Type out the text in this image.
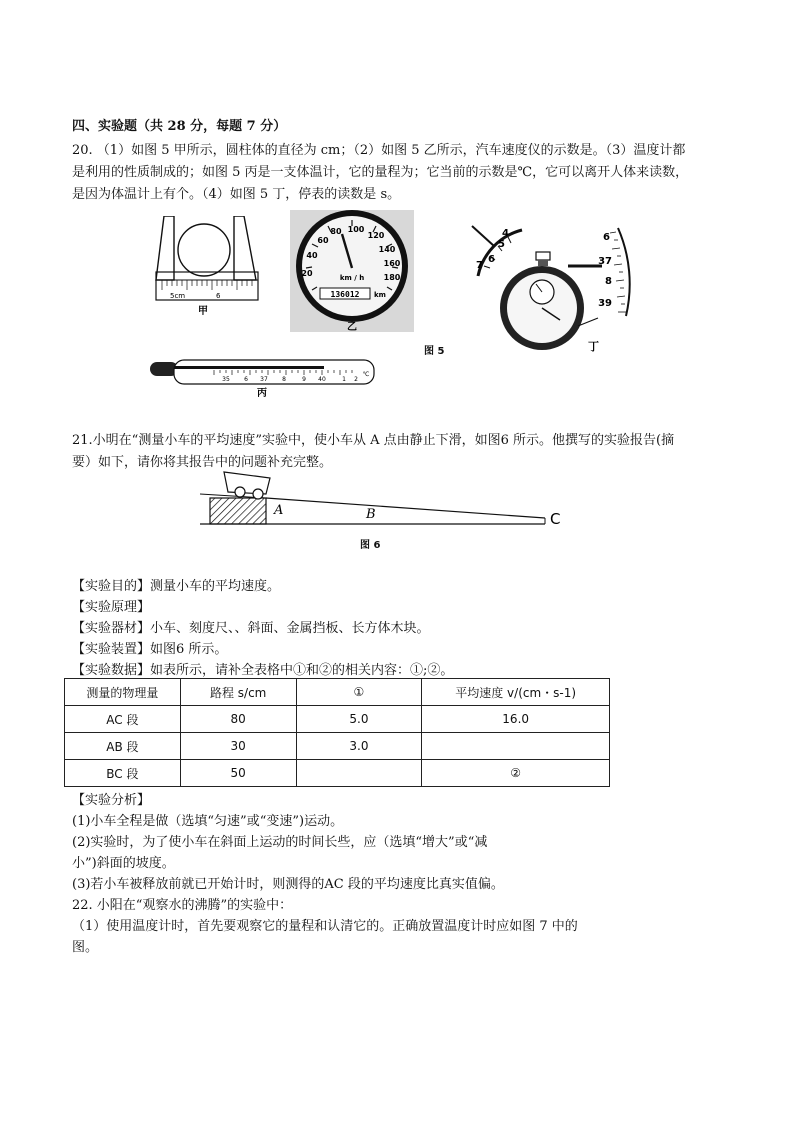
四、实验题（共 28 分，每题 7 分）
20. （1）如图 5 甲所示，圆柱体的直径为 cm；（2）如图 5 乙所示，汽车速度仪的示数是。（3）温度计都
是利用的性质制成的；如图 5 丙是一支体温计，它的量程为；它当前的示数是℃，它可以离开人体来读数，
是因为体温计上有个。（4）如图 5 丁，停表的读数是 s。
5cm	6
甲
20
40
60
80 100
120
140
160
180
km / h
136012 km
乙
图 5
4
5
6
7
6
37
8
39
丁
35 6 37 8	9 40	1 2
℃
丙
21.小明在“测量小车的平均速度”实验中，使小车从 A 点由静止下滑，如图6 所示。他撰写的实验报告(摘
要）如下，请你将其报告中的问题补充完整。
A	B	C
图 6
【实验目的】测量小车的平均速度。
【实验原理】
【实验器材】小车、刻度尺、、斜面、金属挡板、长方体木块。
【实验装置】如图6 所示。
【实验数据】如表所示，请补全表格中①和②的相关内容：①;②。
测量的物理量	路程 s/cm	①	平均速度 v/(cm・s-1)
AC 段	80	5.0	16.0
AB 段	30	3.0	
BC 段	50		②
【实验分析】
(1)小车全程是做（选填“匀速”或“变速”)运动。
(2)实验时，为了使小车在斜面上运动的时间长些，应（选填“增大”或“减
小”)斜面的坡度。
(3)若小车被释放前就已开始计时，则测得的AC 段的平均速度比真实值偏。
22. 小阳在“观察水的沸腾”的实验中：
（1）使用温度计时，首先要观察它的量程和认清它的。正确放置温度计时应如图 7 中的
图。
